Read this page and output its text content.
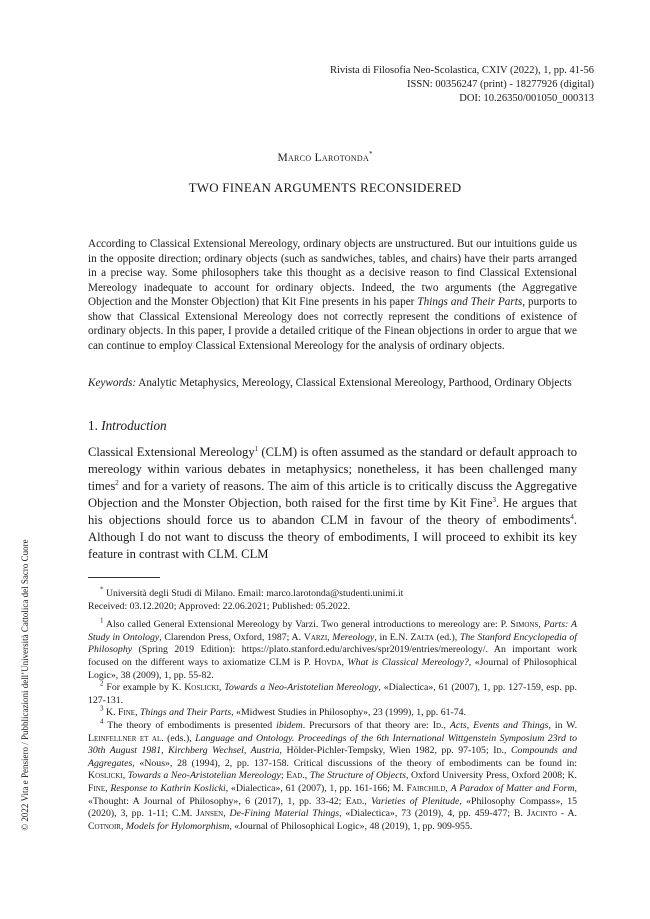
Rivista di Filosofia Neo-Scolastica, CXIV (2022), 1, pp. 41-56
ISSN: 00356247 (print) - 18277926 (digital)
DOI: 10.26350/001050_000313
Marco Larotonda*
TWO FINEAN ARGUMENTS RECONSIDERED

According to Classical Extensional Mereology, ordinary objects are unstructured. But our intuitions guide us in the opposite direction; ordinary objects (such as sandwiches, tables, and chairs) have their parts arranged in a precise way. Some philosophers take this thought as a decisive reason to find Classical Extensional Mereology inadequate to account for ordinary objects. Indeed, the two arguments (the Aggregative Objection and the Monster Objection) that Kit Fine presents in his paper Things and Their Parts, purports to show that Classical Extensional Mereology does not correctly represent the conditions of existence of ordinary objects. In this paper, I provide a detailed critique of the Finean objections in order to argue that we can continue to employ Classical Extensional Mereology for the analysis of ordinary objects.

Keywords: Analytic Metaphysics, Mereology, Classical Extensional Mereology, Parthood, Ordinary Objects
1. Introduction

Classical Extensional Mereology$^1$ (CLM) is often assumed as the standard or default approach to mereology within various debates in metaphysics; nonetheless, it has been challenged many times$^2$ and for a variety of reasons. The aim of this article is to critically discuss the Aggregative Objection and the Monster Objection, both raised for the first time by Kit Fine$^3$. He argues that his objections should force us to abandon CLM in favour of the theory of embodiments$^4$. Although I do not want to discuss the theory of embodiments, I will proceed to exhibit its key feature in contrast with CLM. CLM

* Università degli Studi di Milano. Email: marco.larotonda@studenti.unimi.it
Received: 03.12.2020; Approved: 22.06.2021; Published: 05.2022.

$^1$ Also called General Extensional Mereology by Varzi. Two general introductions to mereology are: P. Simons, Parts: A Study in Ontology, Clarendon Press, Oxford, 1987; A. Varzi, Mereology, in E.N. Zalta (ed.), The Stanford Encyclopedia of Philosophy (Spring 2019 Edition): https://plato.stanford.edu/archives/spr2019/entries/mereology/. An important work focused on the different ways to axiomatize CLM is P. Hovda, What is Classical Mereology?, «Journal of Philosophical Logic», 38 (2009), 1, pp. 55-82.

$^2$ For example by K. Koslicki, Towards a Neo-Aristotelian Mereology, «Dialectica», 61 (2007), 1, pp. 127-159, esp. pp. 127-131.

$^3$ K. Fine, Things and Their Parts, «Midwest Studies in Philosophy», 23 (1999), 1, pp. 61-74.

$^4$ The theory of embodiments is presented ibidem. Precursors of that theory are: Id., Acts, Events and Things, in W. Leinfellner et al. (eds.), Language and Ontology. Proceedings of the 6th International Wittgenstein Symposium 23rd to 30th August 1981, Kirchberg Wechsel, Austria, Hölder-Pichler-Tempsky, Wien 1982, pp. 97-105; Id., Compounds and Aggregates, «Nous», 28 (1994), 2, pp. 137-158. Critical discussions of the theory of embodiments can be found in: Koslicki, Towards a Neo-Aristotelian Mereology; Ead., The Structure of Objects, Oxford University Press, Oxford 2008; K. Fine, Response to Kathrin Koslicki, «Dialectica», 61 (2007), 1, pp. 161-166; M. Fairchild, A Paradox of Matter and Form, «Thought: A Journal of Philosophy», 6 (2017), 1, pp. 33-42; Ead., Varieties of Plenitude, «Philosophy Compass», 15 (2020), 3, pp. 1-11; C.M. Jansen, De-Fining Material Things, «Dialectica», 73 (2019), 4, pp. 459-477; B. Jacinto - A. Cotnoir, Models for Hylomorphism, «Journal of Philosophical Logic», 48 (2019), 1, pp. 909-955.

© 2022 Vita e Pensiero / Pubblicazioni dell’Università Cattolica del Sacro Cuore
